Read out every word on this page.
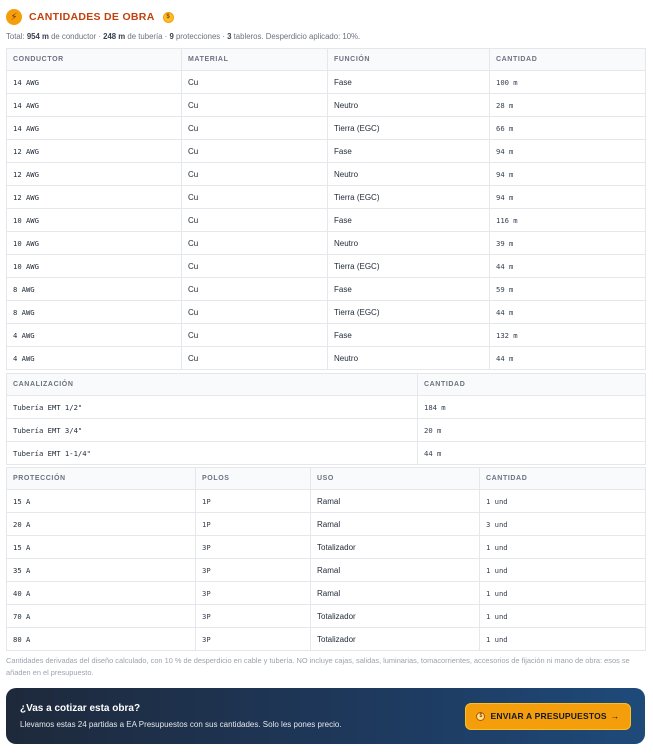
⚡	CANTIDADES DE OBRA	$
Total: 954 m de conductor · 248 m de tubería · 9 protecciones · 3 tableros. Desperdicio aplicado: 10%.
CONDUCTOR	MATERIAL	FUNCIÓN	CANTIDAD
14 AWG	Cu	Fase	100 m
14 AWG	Cu	Neutro	28 m
14 AWG	Cu	Tierra (EGC)	66 m
12 AWG	Cu	Fase	94 m
12 AWG	Cu	Neutro	94 m
12 AWG	Cu	Tierra (EGC)	94 m
10 AWG	Cu	Fase	116 m
10 AWG	Cu	Neutro	39 m
10 AWG	Cu	Tierra (EGC)	44 m
8 AWG	Cu	Fase	59 m
8 AWG	Cu	Tierra (EGC)	44 m
4 AWG	Cu	Fase	132 m
4 AWG	Cu	Neutro	44 m
CANALIZACIÓN	CANTIDAD
Tubería EMT 1/2"	184 m
Tubería EMT 3/4"	20 m
Tubería EMT 1-1/4"	44 m
PROTECCIÓN	POLOS	USO	CANTIDAD
15 A	1P	Ramal	1 und
20 A	1P	Ramal	3 und
15 A	3P	Totalizador	1 und
35 A	3P	Ramal	1 und
40 A	3P	Ramal	1 und
70 A	3P	Totalizador	1 und
80 A	3P	Totalizador	1 und
Cantidades derivadas del diseño calculado, con 10 % de desperdicio en cable y tubería. NO incluye cajas, salidas, luminarias, tomacorrientes, accesorios de fijación ni mano de obra: esos se añaden en el presupuesto.
¿Vas a cotizar esta obra?
Llevamos estas 24 partidas a EA Presupuestos con sus cantidades. Solo les pones precio.
$ ENVIAR A PRESUPUESTOS →
